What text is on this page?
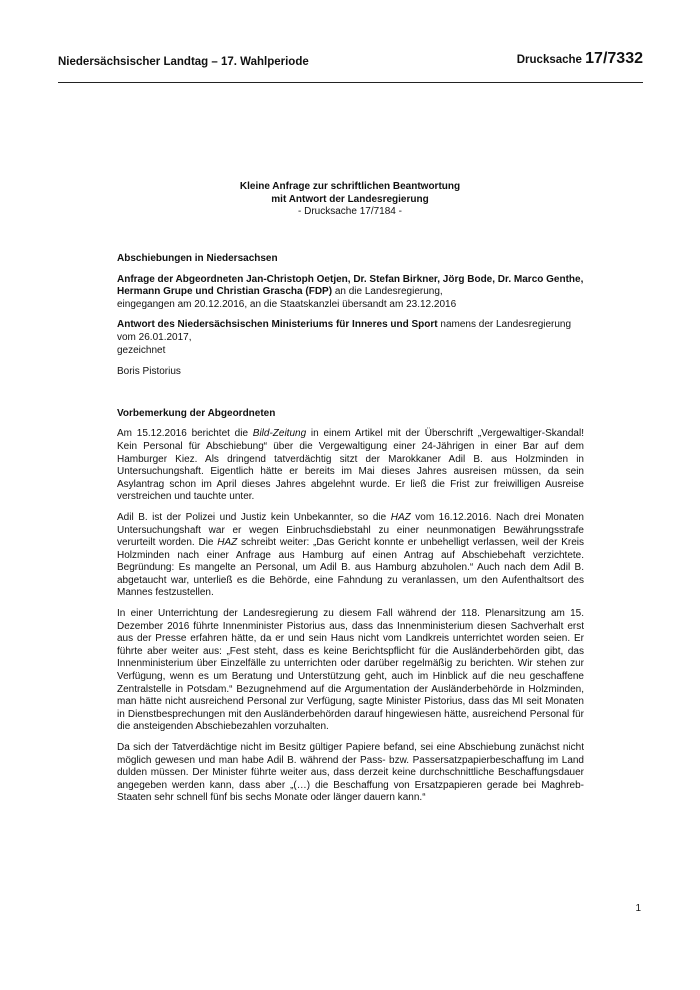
Niedersächsischer Landtag – 17. Wahlperiode	Drucksache 17/7332
Kleine Anfrage zur schriftlichen Beantwortung
mit Antwort der Landesregierung
- Drucksache 17/7184 -

Abschiebungen in Niedersachsen

Anfrage der Abgeordneten Jan-Christoph Oetjen, Dr. Stefan Birkner, Jörg Bode, Dr. Marco Genthe, Hermann Grupe und Christian Grascha (FDP) an die Landesregierung,

eingegangen am 20.12.2016, an die Staatskanzlei übersandt am 23.12.2016

Antwort des Niedersächsischen Ministeriums für Inneres und Sport namens der Landesregierung vom 26.01.2017,

gezeichnet

Boris Pistorius

Vorbemerkung der Abgeordneten

Am 15.12.2016 berichtet die Bild-Zeitung in einem Artikel mit der Überschrift „Vergewaltiger-Skandal! Kein Personal für Abschiebung“ über die Vergewaltigung einer 24-Jährigen in einer Bar auf dem Hamburger Kiez. Als dringend tatverdächtig sitzt der Marokkaner Adil B. aus Holzminden in Untersuchungshaft. Eigentlich hätte er bereits im Mai dieses Jahres ausreisen müssen, da sein Asylantrag schon im April dieses Jahres abgelehnt wurde. Er ließ die Frist zur freiwilligen Ausreise verstreichen und tauchte unter.

Adil B. ist der Polizei und Justiz kein Unbekannter, so die HAZ vom 16.12.2016. Nach drei Monaten Untersuchungshaft war er wegen Einbruchsdiebstahl zu einer neunmonatigen Bewährungsstrafe verurteilt worden. Die HAZ schreibt weiter: „Das Gericht konnte er unbehelligt verlassen, weil der Kreis Holzminden nach einer Anfrage aus Hamburg auf einen Antrag auf Abschiebehaft verzichtete. Begründung: Es mangelte an Personal, um Adil B. aus Hamburg abzuholen.“ Auch nach dem Adil B. abgetaucht war, unterließ es die Behörde, eine Fahndung zu veranlassen, um den Aufenthaltsort des Mannes festzustellen.

In einer Unterrichtung der Landesregierung zu diesem Fall während der 118. Plenarsitzung am 15. Dezember 2016 führte Innenminister Pistorius aus, dass das Innenministerium diesen Sachverhalt erst aus der Presse erfahren hätte, da er und sein Haus nicht vom Landkreis unterrichtet worden seien. Er führte aber weiter aus: „Fest steht, dass es keine Berichtspflicht für die Ausländerbehörden gibt, das Innenministerium über Einzelfälle zu unterrichten oder darüber regelmäßig zu berichten. Wir stehen zur Verfügung, wenn es um Beratung und Unterstützung geht, auch im Hinblick auf die neu geschaffene Zentralstelle in Potsdam.“ Bezugnehmend auf die Argumentation der Ausländerbehörde in Holzminden, man hätte nicht ausreichend Personal zur Verfügung, sagte Minister Pistorius, dass das MI seit Monaten in Dienstbesprechungen mit den Ausländerbehörden darauf hingewiesen hätte, ausreichend Personal für die ansteigenden Abschiebezahlen vorzuhalten.

Da sich der Tatverdächtige nicht im Besitz gültiger Papiere befand, sei eine Abschiebung zunächst nicht möglich gewesen und man habe Adil B. während der Pass- bzw. Passersatzpapierbeschaffung im Land dulden müssen. Der Minister führte weiter aus, dass derzeit keine durchschnittliche Beschaffungsdauer angegeben werden kann, dass aber „(…) die Beschaffung von Ersatzpapieren gerade bei Maghreb-Staaten sehr schnell fünf bis sechs Monate oder länger dauern kann.“

1
